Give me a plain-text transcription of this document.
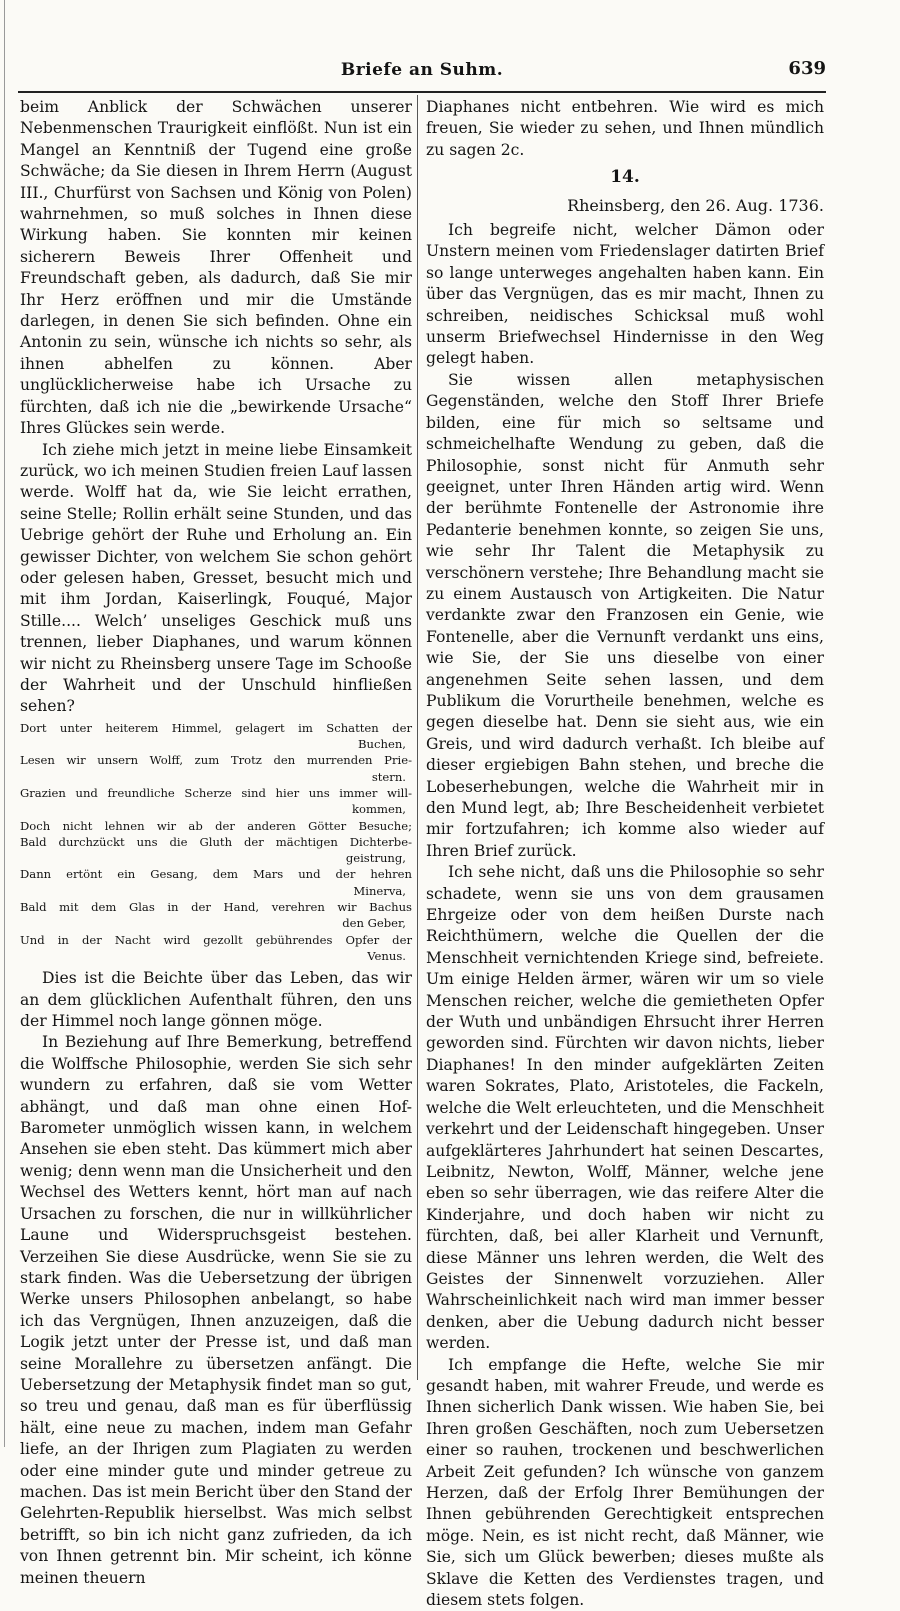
Briefe an Suhm.	639

beim Anblick der Schwächen unserer Nebenmenschen Traurigkeit einflößt. Nun ist ein Mangel an Kenntniß der Tugend eine große Schwäche; da Sie diesen in Ihrem Herrn (August III., Churfürst von Sachsen und König von Polen) wahrnehmen, so muß solches in Ihnen diese Wirkung haben. Sie konnten mir keinen sicherern Beweis Ihrer Offenheit und Freundschaft geben, als dadurch, daß Sie mir Ihr Herz eröffnen und mir die Umstände darlegen, in denen Sie sich befinden. Ohne ein Antonin zu sein, wünsche ich nichts so sehr, als ihnen abhelfen zu können. Aber unglücklicherweise habe ich Ursache zu fürchten, daß ich nie die „bewirkende Ursache“ Ihres Glückes sein werde.

Ich ziehe mich jetzt in meine liebe Einsamkeit zurück, wo ich meinen Studien freien Lauf lassen werde. Wolff hat da, wie Sie leicht errathen, seine Stelle; Rollin erhält seine Stunden, und das Uebrige gehört der Ruhe und Erholung an. Ein gewisser Dichter, von welchem Sie schon gehört oder gelesen haben, Gresset, besucht mich und mit ihm Jordan, Kaiserlingk, Fouqué, Major Stille.... Welch’ unseliges Geschick muß uns trennen, lieber Diaphanes, und warum können wir nicht zu Rheinsberg unsere Tage im Schooße der Wahrheit und der Unschuld hinfließen sehen?

Dort unter heiterem Himmel, gelagert im Schatten der
Buchen,
Lesen wir unsern Wolff, zum Trotz den murrenden Prie-
stern.
Grazien und freundliche Scherze sind hier uns immer will-
kommen,
Doch nicht lehnen wir ab der anderen Götter Besuche;
Bald durchzückt uns die Gluth der mächtigen Dichterbe-
geistrung,
Dann ertönt ein Gesang, dem Mars und der hehren
Minerva,
Bald mit dem Glas in der Hand, verehren wir Bachus
den Geber,
Und in der Nacht wird gezollt gebührendes Opfer der
Venus.

Dies ist die Beichte über das Leben, das wir an dem glücklichen Aufenthalt führen, den uns der Himmel noch lange gönnen möge.

In Beziehung auf Ihre Bemerkung, betreffend die Wolffsche Philosophie, werden Sie sich sehr wundern zu erfahren, daß sie vom Wetter abhängt, und daß man ohne einen Hof-Barometer unmöglich wissen kann, in welchem Ansehen sie eben steht. Das kümmert mich aber wenig; denn wenn man die Unsicherheit und den Wechsel des Wetters kennt, hört man auf nach Ursachen zu forschen, die nur in willkührlicher Laune und Widerspruchsgeist bestehen. Verzeihen Sie diese Ausdrücke, wenn Sie sie zu stark finden. Was die Uebersetzung der übrigen Werke unsers Philosophen anbelangt, so habe ich das Vergnügen, Ihnen anzuzeigen, daß die Logik jetzt unter der Presse ist, und daß man seine Morallehre zu übersetzen anfängt. Die Uebersetzung der Metaphysik findet man so gut, so treu und genau, daß man es für überflüssig hält, eine neue zu machen, indem man Gefahr liefe, an der Ihrigen zum Plagiaten zu werden oder eine minder gute und minder getreue zu machen. Das ist mein Bericht über den Stand der Gelehrten-Republik hierselbst. Was mich selbst betrifft, so bin ich nicht ganz zufrieden, da ich von Ihnen getrennt bin. Mir scheint, ich könne meinen theuern

Diaphanes nicht entbehren. Wie wird es mich freuen, Sie wieder zu sehen, und Ihnen mündlich zu sagen 2c.

14.
Rheinsberg, den 26. Aug. 1736.

Ich begreife nicht, welcher Dämon oder Unstern meinen vom Friedenslager datirten Brief so lange unterweges angehalten haben kann. Ein über das Vergnügen, das es mir macht, Ihnen zu schreiben, neidisches Schicksal muß wohl unserm Briefwechsel Hindernisse in den Weg gelegt haben.

Sie wissen allen metaphysischen Gegenständen, welche den Stoff Ihrer Briefe bilden, eine für mich so seltsame und schmeichelhafte Wendung zu geben, daß die Philosophie, sonst nicht für Anmuth sehr geeignet, unter Ihren Händen artig wird. Wenn der berühmte Fontenelle der Astronomie ihre Pedanterie benehmen konnte, so zeigen Sie uns, wie sehr Ihr Talent die Metaphysik zu verschönern verstehe; Ihre Behandlung macht sie zu einem Austausch von Artigkeiten. Die Natur verdankte zwar den Franzosen ein Genie, wie Fontenelle, aber die Vernunft verdankt uns eins, wie Sie, der Sie uns dieselbe von einer angenehmen Seite sehen lassen, und dem Publikum die Vorurtheile benehmen, welche es gegen dieselbe hat. Denn sie sieht aus, wie ein Greis, und wird dadurch verhaßt. Ich bleibe auf dieser ergiebigen Bahn stehen, und breche die Lobeserhebungen, welche die Wahrheit mir in den Mund legt, ab; Ihre Bescheidenheit verbietet mir fortzufahren; ich komme also wieder auf Ihren Brief zurück.

Ich sehe nicht, daß uns die Philosophie so sehr schadete, wenn sie uns von dem grausamen Ehrgeize oder von dem heißen Durste nach Reichthümern, welche die Quellen der die Menschheit vernichtenden Kriege sind, befreiete. Um einige Helden ärmer, wären wir um so viele Menschen reicher, welche die gemietheten Opfer der Wuth und unbändigen Ehrsucht ihrer Herren geworden sind. Fürchten wir davon nichts, lieber Diaphanes! In den minder aufgeklärten Zeiten waren Sokrates, Plato, Aristoteles, die Fackeln, welche die Welt erleuchteten, und die Menschheit verkehrt und der Leidenschaft hingegeben. Unser aufgeklärteres Jahrhundert hat seinen Descartes, Leibnitz, Newton, Wolff, Männer, welche jene eben so sehr überragen, wie das reifere Alter die Kinderjahre, und doch haben wir nicht zu fürchten, daß, bei aller Klarheit und Vernunft, diese Männer uns lehren werden, die Welt des Geistes der Sinnenwelt vorzuziehen. Aller Wahrscheinlichkeit nach wird man immer besser denken, aber die Uebung dadurch nicht besser werden.

Ich empfange die Hefte, welche Sie mir gesandt haben, mit wahrer Freude, und werde es Ihnen sicherlich Dank wissen. Wie haben Sie, bei Ihren großen Geschäften, noch zum Uebersetzen einer so rauhen, trockenen und beschwerlichen Arbeit Zeit gefunden? Ich wünsche von ganzem Herzen, daß der Erfolg Ihrer Bemühungen der Ihnen gebührenden Gerechtigkeit entsprechen möge. Nein, es ist nicht recht, daß Männer, wie Sie, sich um Glück bewerben; dieses mußte als Sklave die Ketten des Verdienstes tragen, und diesem stets folgen.
